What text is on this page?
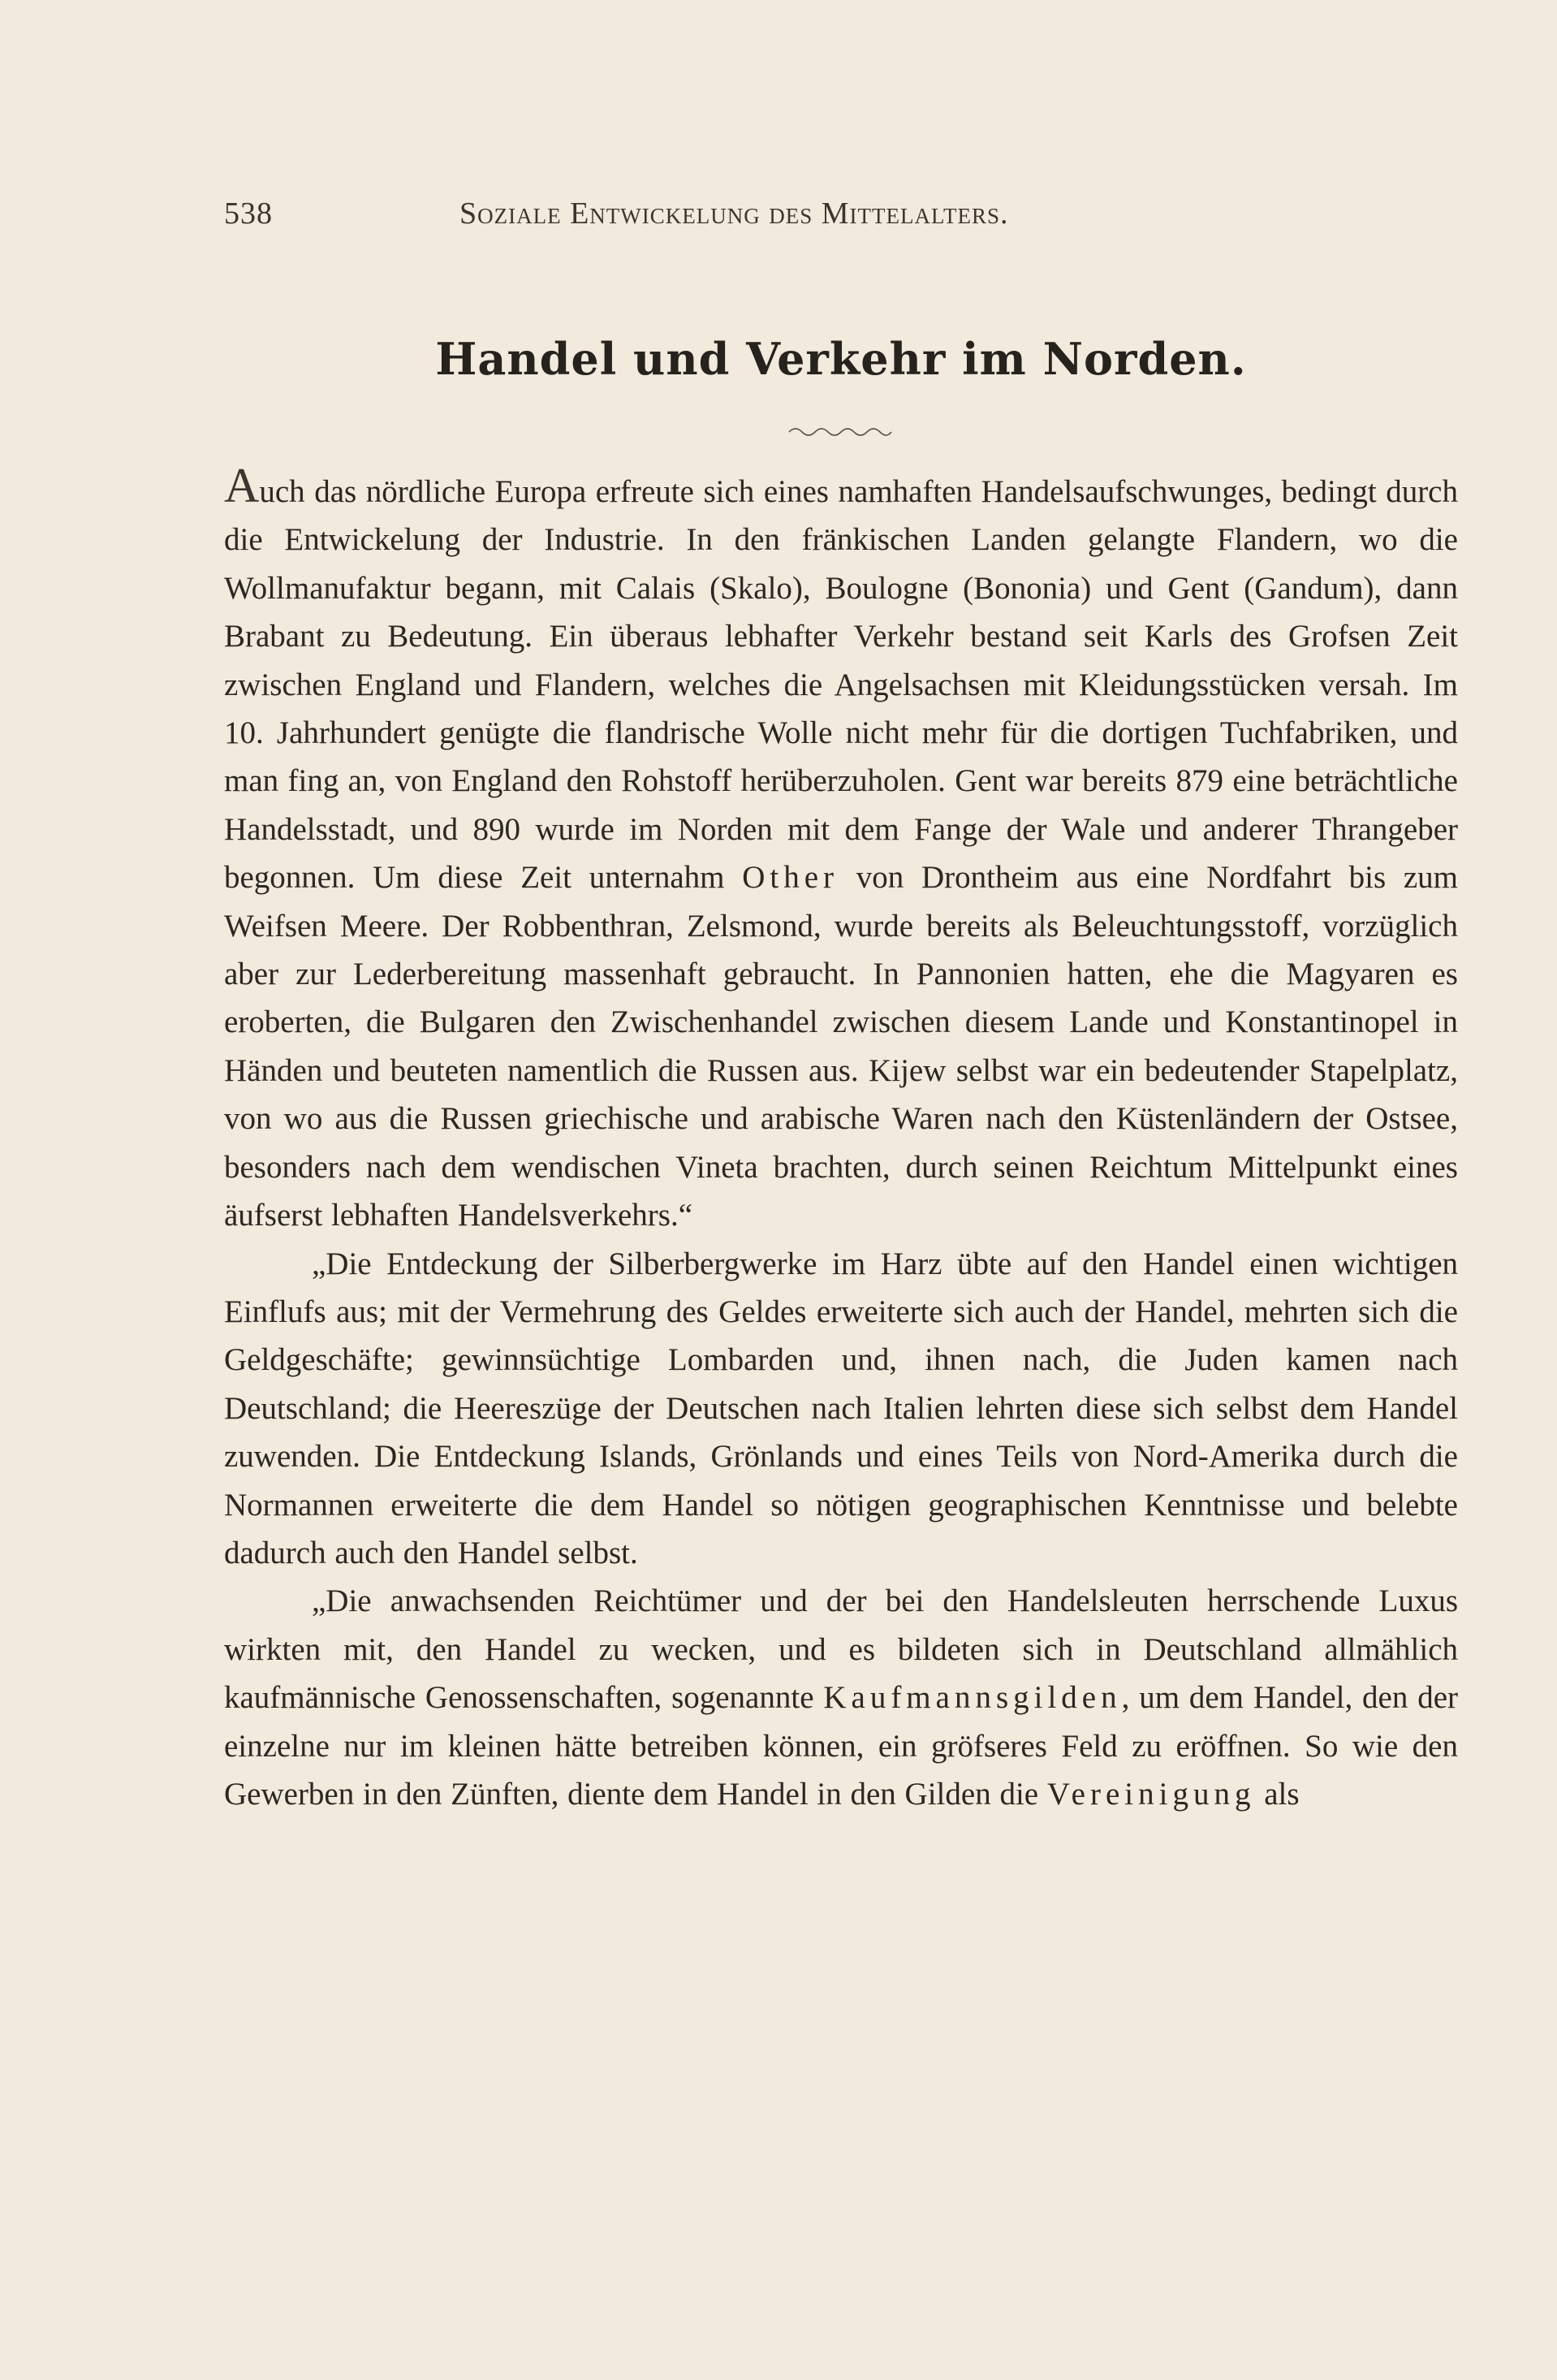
538	Soziale Entwickelung des Mittelalters.
Handel und Verkehr im Norden.

Auch das nördliche Europa erfreute sich eines namhaften Handelsaufschwunges, bedingt durch die Entwickelung der Industrie. In den fränkischen Landen gelangte Flandern, wo die Wollmanufaktur begann, mit Calais (Skalo), Boulogne (Bononia) und Gent (Gandum), dann Brabant zu Bedeutung. Ein überaus lebhafter Verkehr bestand seit Karls des Grofsen Zeit zwischen England und Flandern, welches die Angelsachsen mit Kleidungsstücken versah. Im 10. Jahrhundert genügte die flandrische Wolle nicht mehr für die dortigen Tuchfabriken, und man fing an, von England den Rohstoff herüberzuholen. Gent war bereits 879 eine beträchtliche Handelsstadt, und 890 wurde im Norden mit dem Fange der Wale und anderer Thrangeber begonnen. Um diese Zeit unternahm Other von Drontheim aus eine Nordfahrt bis zum Weifsen Meere. Der Robbenthran, Zelsmond, wurde bereits als Beleuchtungsstoff, vorzüglich aber zur Lederbereitung massenhaft gebraucht. In Pannonien hatten, ehe die Magyaren es eroberten, die Bulgaren den Zwischenhandel zwischen diesem Lande und Konstantinopel in Händen und beuteten namentlich die Russen aus. Kijew selbst war ein bedeutender Stapelplatz, von wo aus die Russen griechische und arabische Waren nach den Küstenländern der Ostsee, besonders nach dem wendischen Vineta brachten, durch seinen Reichtum Mittelpunkt eines äufserst lebhaften Handelsverkehrs.“

„Die Entdeckung der Silberbergwerke im Harz übte auf den Handel einen wichtigen Einflufs aus; mit der Vermehrung des Geldes erweiterte sich auch der Handel, mehrten sich die Geldgeschäfte; gewinnsüchtige Lombarden und, ihnen nach, die Juden kamen nach Deutschland; die Heereszüge der Deutschen nach Italien lehrten diese sich selbst dem Handel zuwenden. Die Entdeckung Islands, Grönlands und eines Teils von Nord-Amerika durch die Normannen erweiterte die dem Handel so nötigen geographischen Kenntnisse und belebte dadurch auch den Handel selbst.

„Die anwachsenden Reichtümer und der bei den Handelsleuten herrschende Luxus wirkten mit, den Handel zu wecken, und es bildeten sich in Deutschland allmählich kaufmännische Genossenschaften, sogenannte Kaufmannsgilden, um dem Handel, den der einzelne nur im kleinen hätte betreiben können, ein gröfseres Feld zu eröffnen. So wie den Gewerben in den Zünften, diente dem Handel in den Gilden die Vereinigung als
